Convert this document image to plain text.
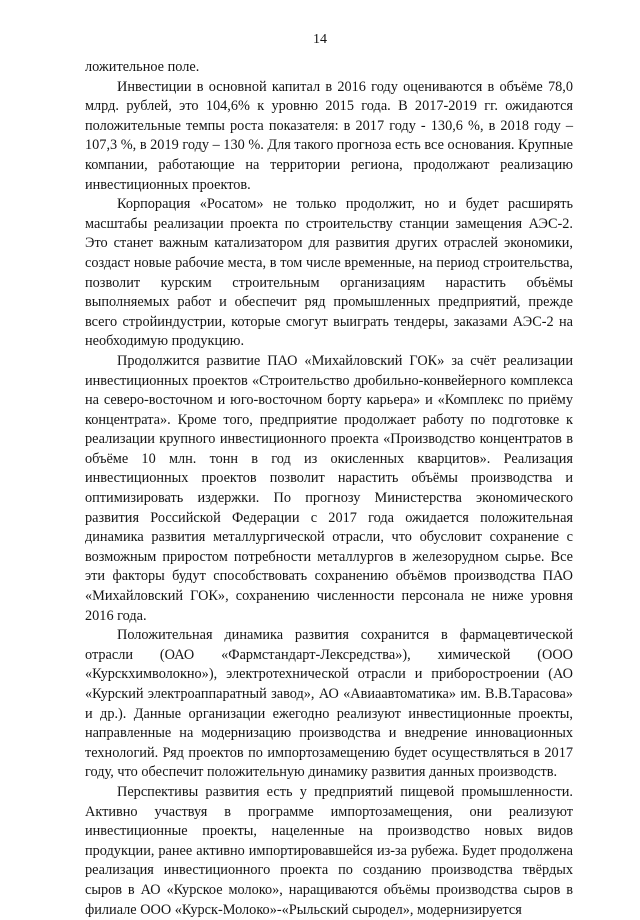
14

ложительное поле.

Инвестиции в основной капитал в 2016 году оцениваются в объёме 78,0 млрд. рублей, это 104,6% к уровню 2015 года. В 2017-2019 гг. ожидаются положительные темпы роста показателя: в 2017 году - 130,6 %, в 2018 году – 107,3 %, в 2019 году – 130 %. Для такого прогноза есть все основания. Крупные компании, работающие на территории региона, продолжают реализацию инвестиционных проектов.

Корпорация «Росатом» не только продолжит, но и будет расширять масштабы реализации проекта по строительству станции замещения АЭС-2. Это станет важным катализатором для развития других отраслей экономики, создаст новые рабочие места, в том числе временные, на период строительства, позволит курским строительным организациям нарастить объёмы выполняемых работ и обеспечит ряд промышленных предприятий, прежде всего стройиндустрии, которые смогут выиграть тендеры, заказами АЭС-2 на необходимую продукцию.

Продолжится развитие ПАО «Михайловский ГОК» за счёт реализации инвестиционных проектов «Строительство дробильно-конвейерного комплекса на северо-восточном и юго-восточном борту карьера» и «Комплекс по приёму концентрата». Кроме того, предприятие продолжает работу по подготовке к реализации крупного инвестиционного проекта «Производство концентратов в объёме 10 млн. тонн в год из окисленных кварцитов». Реализация инвестиционных проектов позволит нарастить объёмы производства и оптимизировать издержки. По прогнозу Министерства экономического развития Российской Федерации с 2017 года ожидается положительная динамика развития металлургической отрасли, что обусловит сохранение с возможным приростом потребности металлургов в железорудном сырье. Все эти факторы будут способствовать сохранению объёмов производства ПАО «Михайловский ГОК», сохранению численности персонала не ниже уровня 2016 года.

Положительная динамика развития сохранится в фармацевтической отрасли (ОАО «Фармстандарт-Лексредства»), химической (ООО «Курскхимволокно»), электротехнической отрасли и приборостроении (АО «Курский электроаппаратный завод», АО «Авиаавтоматика» им. В.В.Тарасова» и др.). Данные организации ежегодно реализуют инвестиционные проекты, направленные на модернизацию производства и внедрение инновационных технологий. Ряд проектов по импортозамещению будет осуществляться в 2017 году, что обеспечит положительную динамику развития данных производств.

Перспективы развития есть у предприятий пищевой промышленности. Активно участвуя в программе импортозамещения, они реализуют инвестиционные проекты, нацеленные на производство новых видов продукции, ранее активно импортировавшейся из-за рубежа. Будет продолжена реализация инвестиционного проекта по созданию производства твёрдых сыров в АО «Курское молоко», наращиваются объёмы производства сыров в филиале ООО «Курск-Молоко»-«Рыльский сыродел», модернизируется
